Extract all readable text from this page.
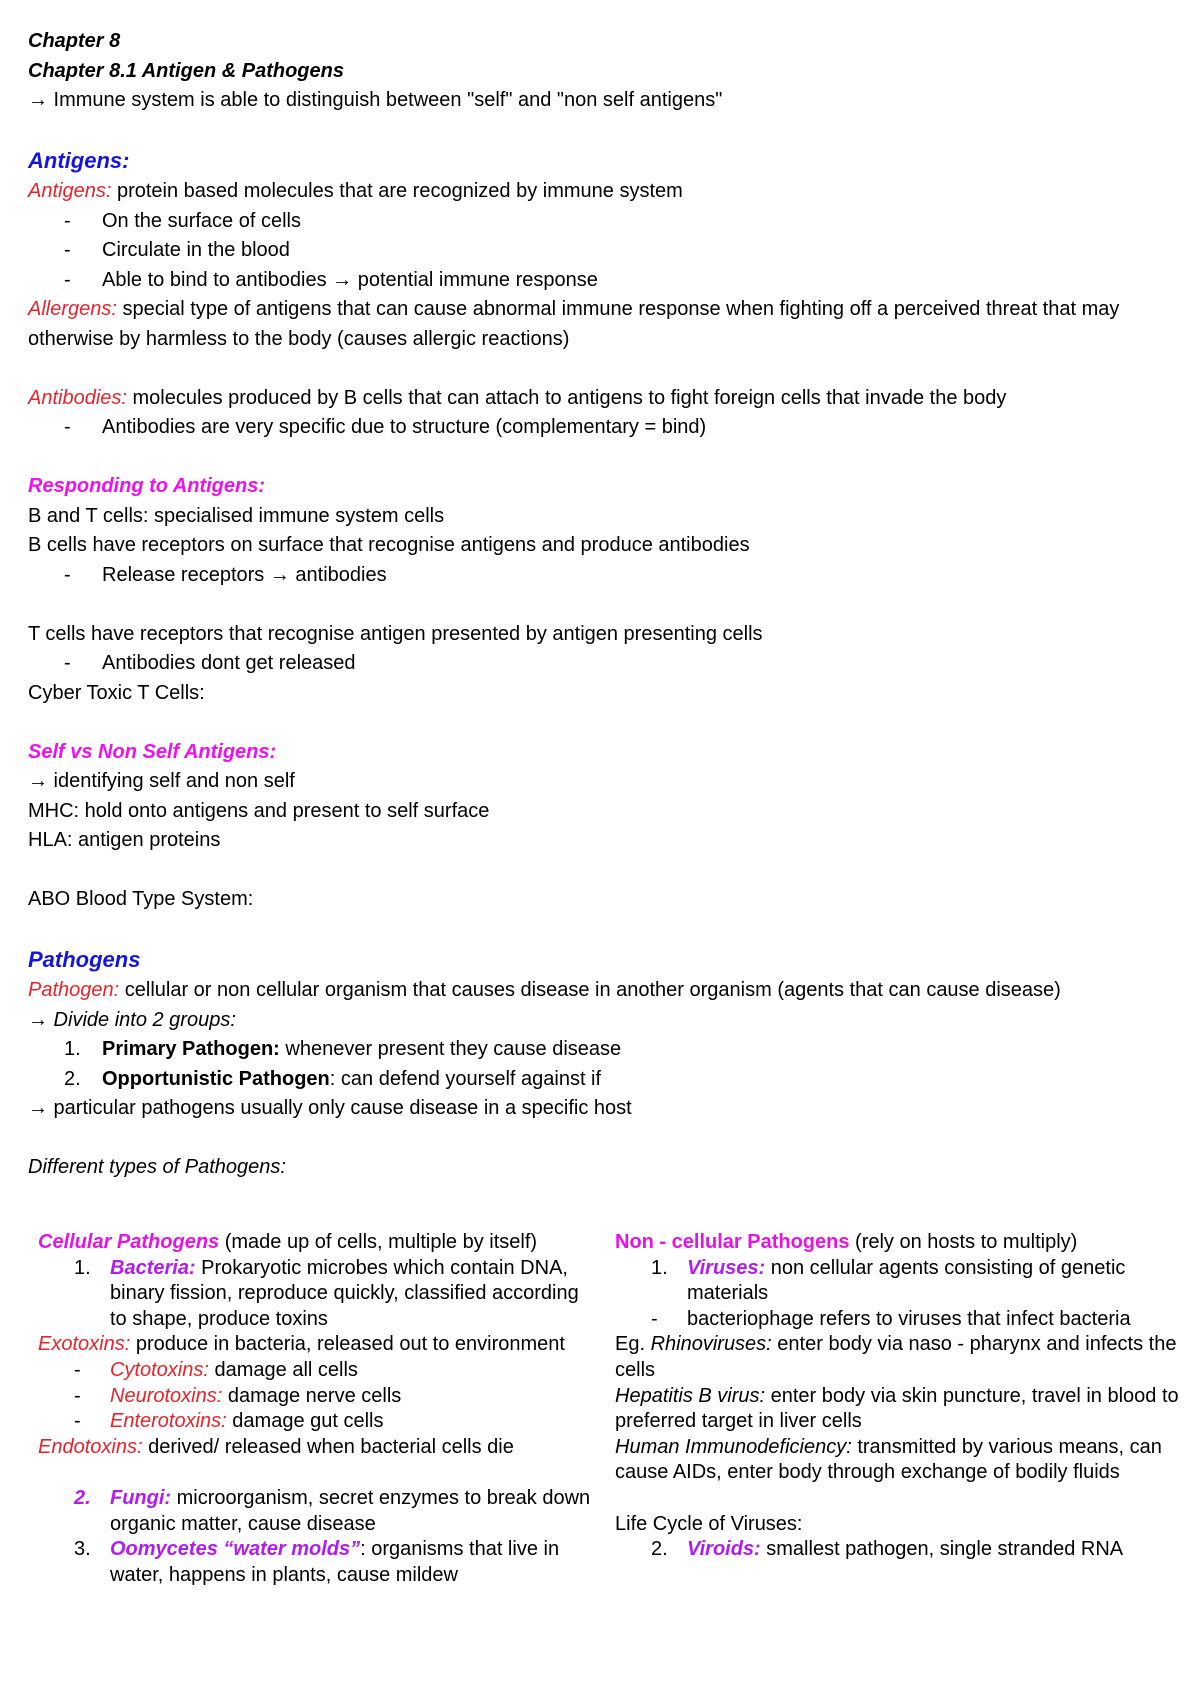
Chapter 8
Chapter 8.1 Antigen & Pathogens
→ Immune system is able to distinguish between "self" and "non self antigens"
Antigens:
Antigens: protein based molecules that are recognized by immune system
- On the surface of cells
- Circulate in the blood
- Able to bind to antibodies → potential immune response
Allergens: special type of antigens that can cause abnormal immune response when fighting off a perceived threat that may otherwise by harmless to the body (causes allergic reactions)
Antibodies: molecules produced by B cells that can attach to antigens to fight foreign cells that invade the body
- Antibodies are very specific due to structure (complementary = bind)
Responding to Antigens:
B and T cells: specialised immune system cells
B cells have receptors on surface that recognise antigens and produce antibodies
- Release receptors → antibodies
T cells have receptors that recognise antigen presented by antigen presenting cells
- Antibodies dont get released
Cyber Toxic T Cells:
Self vs Non Self Antigens:
→ identifying self and non self
MHC: hold onto antigens and present to self surface
HLA: antigen proteins
ABO Blood Type System:
Pathogens
Pathogen: cellular or non cellular organism that causes disease in another organism (agents that can cause disease)
→ Divide into 2 groups:
1. Primary Pathogen: whenever present they cause disease
2. Opportunistic Pathogen: can defend yourself against if
→ particular pathogens usually only cause disease in a specific host
Different types of Pathogens:
Cellular Pathogens (made up of cells, multiple by itself)
1. Bacteria: Prokaryotic microbes which contain DNA, binary fission, reproduce quickly, classified according to shape, produce toxins
Exotoxins: produce in bacteria, released out to environment
- Cytotoxins: damage all cells
- Neurotoxins: damage nerve cells
- Enterotoxins: damage gut cells
Endotoxins: derived/ released when bacterial cells die
2. Fungi: microorganism, secret enzymes to break down organic matter, cause disease
3. Oomycetes “water molds”: organisms that live in water, happens in plants, cause mildew
Non - cellular Pathogens (rely on hosts to multiply)
1. Viruses: non cellular agents consisting of genetic materials
- bacteriophage refers to viruses that infect bacteria
Eg. Rhinoviruses: enter body via naso - pharynx and infects the cells
Hepatitis B virus: enter body via skin puncture, travel in blood to preferred target in liver cells
Human Immunodeficiency: transmitted by various means, can cause AIDs, enter body through exchange of bodily fluids
Life Cycle of Viruses:
2. Viroids: smallest pathogen, single stranded RNA
